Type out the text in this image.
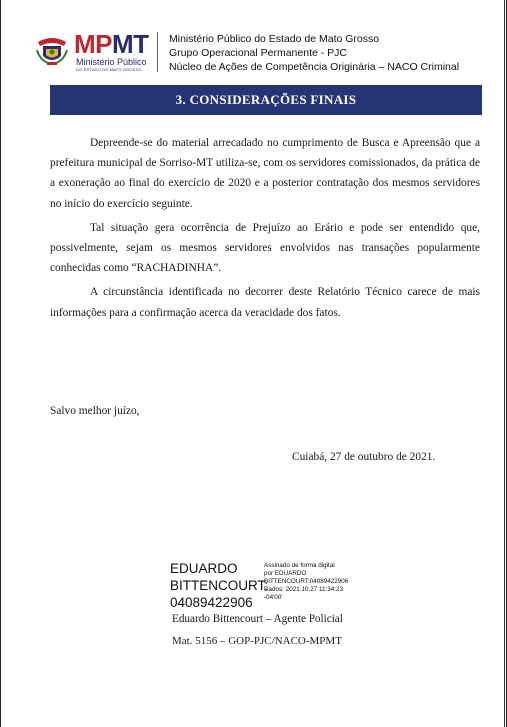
MPMT
Ministério Público
DO ESTADO DE MATO GROSSO
Ministério Público do Estado de Mato Grosso
Grupo Operacional Permanente - PJC
Núcleo de Ações de Competência Originária – NACO Criminal
3. CONSIDERAÇÕES FINAIS

Depreende-se do material arrecadado no cumprimento de Busca e Apreensão que a prefeitura municipal de Sorriso-MT utiliza-se, com os servidores comissionados, da prática de a exoneração ao final do exercício de 2020 e a posterior contratação dos mesmos servidores no início do exercício seguinte.

Tal situação gera ocorrência de Prejuízo ao Erário e pode ser entendido que, possivelmente, sejam os mesmos servidores envolvidos nas transações popularmente conhecidas como “RACHADINHA”.

A circunstância identificada no decorrer deste Relatório Técnico carece de mais informações para a confirmação acerca da veracidade dos fatos.

Salvo melhor juízo,
Cuiabá, 27 de outubro de 2021.
EDUARDO
BITTENCOURT:
04089422906
Assinado de forma digital
por EDUARDO
BITTENCOURT:04089422906
Dados: 2021.10.27 11:34:23
-04'00'
Eduardo Bittencourt – Agente Policial
Mat. 5156 – GOP-PJC/NACO-MPMT
